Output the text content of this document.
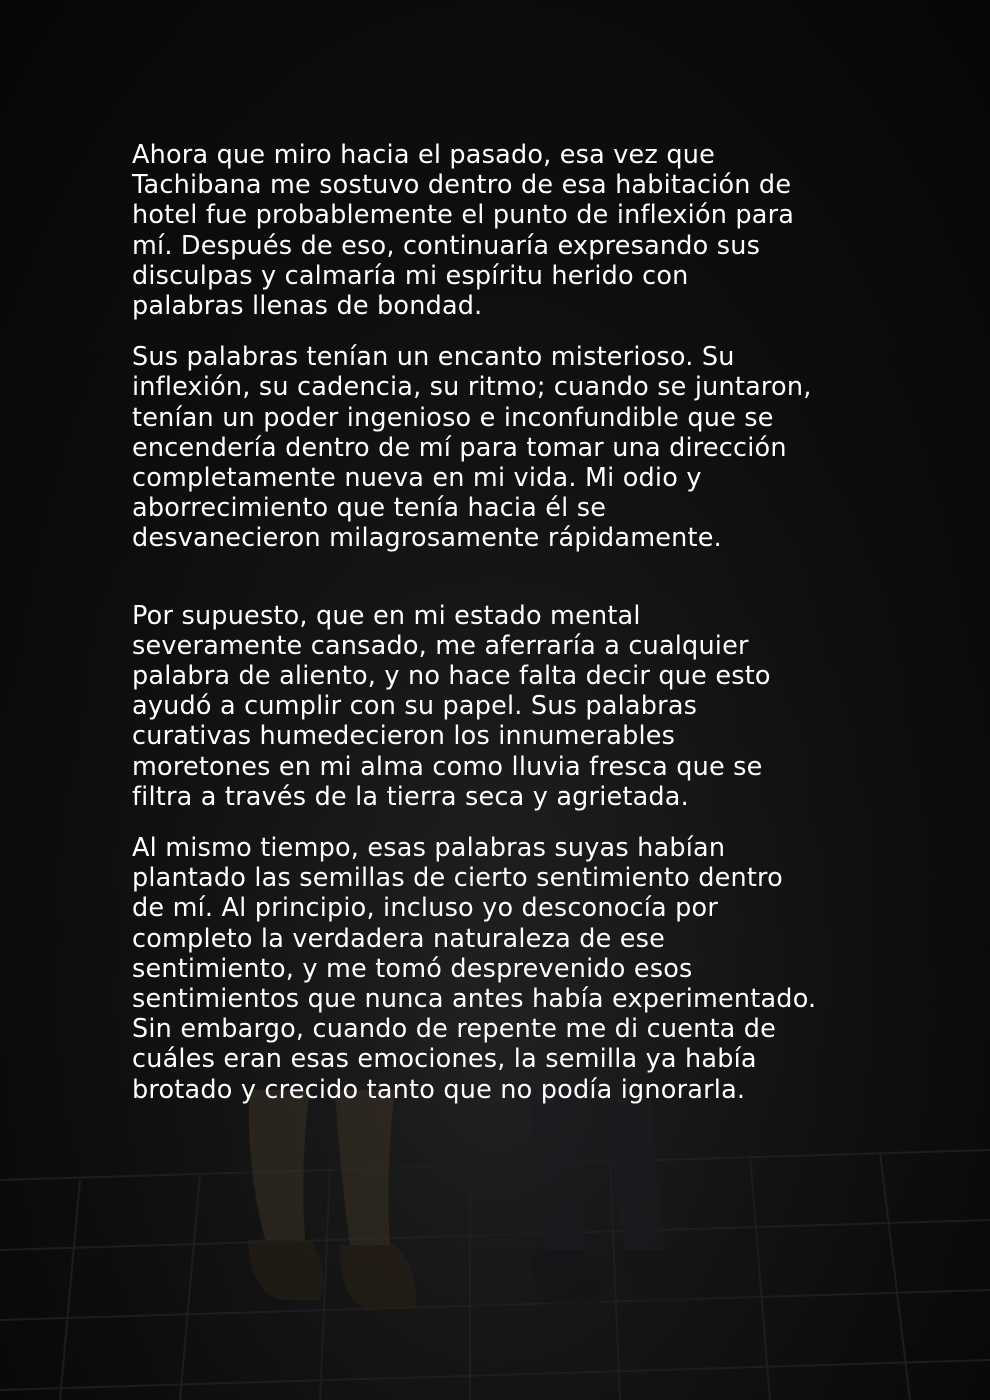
Ahora que miro hacia el pasado, esa vez que
Tachibana me sostuvo dentro de esa habitación de
hotel fue probablemente el punto de inflexión para
mí. Después de eso, continuaría expresando sus
disculpas y calmaría mi espíritu herido con
palabras llenas de bondad.

Sus palabras tenían un encanto misterioso. Su
inflexión, su cadencia, su ritmo; cuando se juntaron,
tenían un poder ingenioso e inconfundible que se
encendería dentro de mí para tomar una dirección
completamente nueva en mi vida. Mi odio y
aborrecimiento que tenía hacia él se
desvanecieron milagrosamente rápidamente.

Por supuesto, que en mi estado mental
severamente cansado, me aferraría a cualquier
palabra de aliento, y no hace falta decir que esto
ayudó a cumplir con su papel. Sus palabras
curativas humedecieron los innumerables
moretones en mi alma como lluvia fresca que se
filtra a través de la tierra seca y agrietada.

Al mismo tiempo, esas palabras suyas habían
plantado las semillas de cierto sentimiento dentro
de mí. Al principio, incluso yo desconocía por
completo la verdadera naturaleza de ese
sentimiento, y me tomó desprevenido esos
sentimientos que nunca antes había experimentado.
Sin embargo, cuando de repente me di cuenta de
cuáles eran esas emociones, la semilla ya había
brotado y crecido tanto que no podía ignorarla.
